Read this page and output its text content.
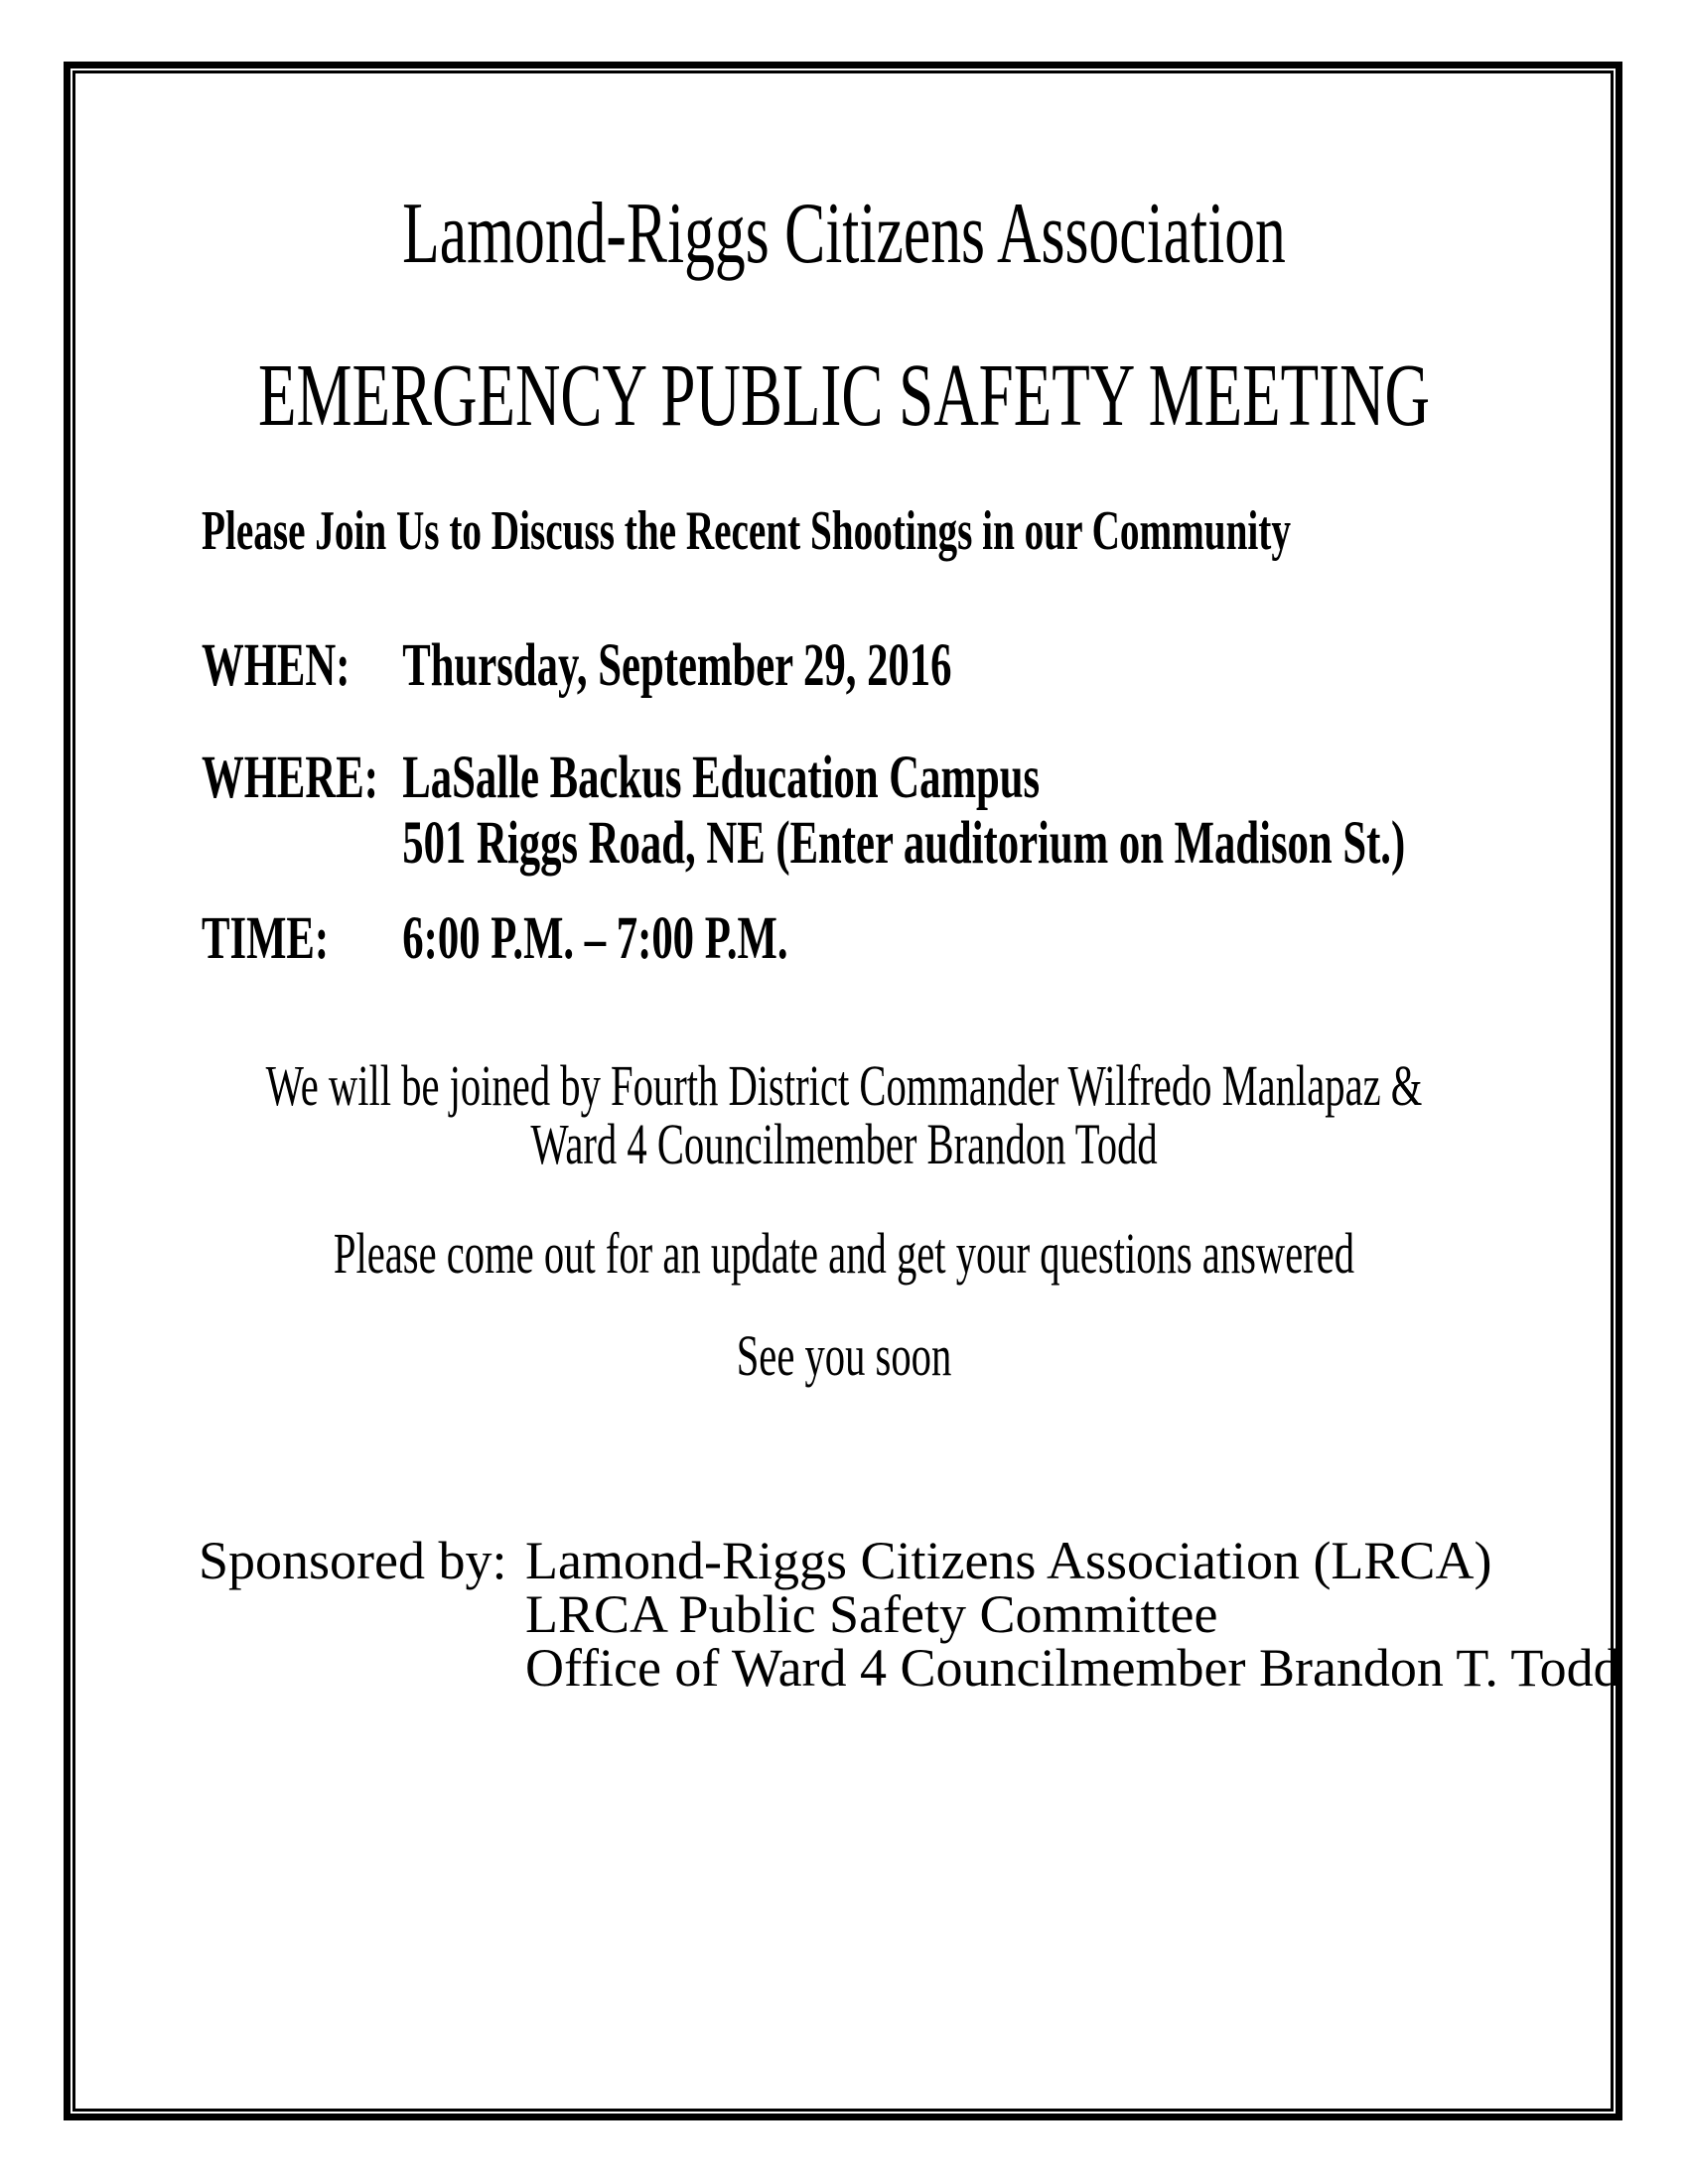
Lamond-Riggs Citizens Association
EMERGENCY PUBLIC SAFETY MEETING
Please Join Us to Discuss the Recent Shootings in our Community
WHEN: Thursday, September 29, 2016
WHERE: LaSalle Backus Education Campus
501 Riggs Road, NE (Enter auditorium on Madison St.)
TIME:	6:00 P.M. – 7:00 P.M.
We will be joined by Fourth District Commander Wilfredo Manlapaz &
Ward 4 Councilmember Brandon Todd
Please come out for an update and get your questions answered
See you soon
Sponsored by: Lamond-Riggs Citizens Association (LRCA)
LRCA Public Safety Committee
Office of Ward 4 Councilmember Brandon T. Todd
